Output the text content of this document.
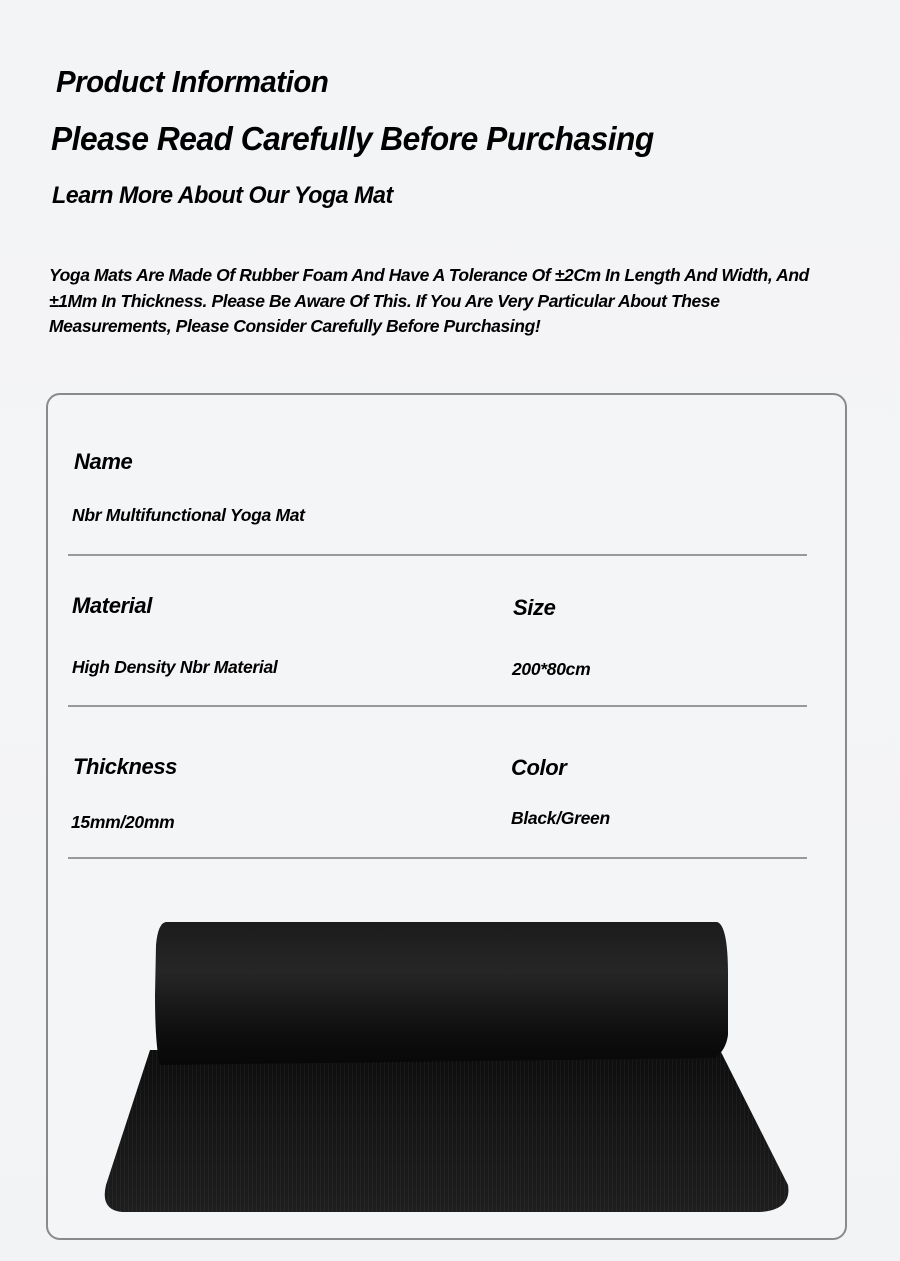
Product Information
Please Read Carefully Before Purchasing
Learn More About Our Yoga Mat

Yoga Mats Are Made Of Rubber Foam And Have A Tolerance Of ±2Cm In Length And Width, And ±1Mm In Thickness. Please Be Aware Of This. If You Are Very Particular About These Measurements, Please Consider Carefully Before Purchasing!

Name
Nbr Multifunctional Yoga Mat
Material
High Density Nbr Material
Size
200*80cm
Thickness
15mm/20mm
Color
Black/Green
